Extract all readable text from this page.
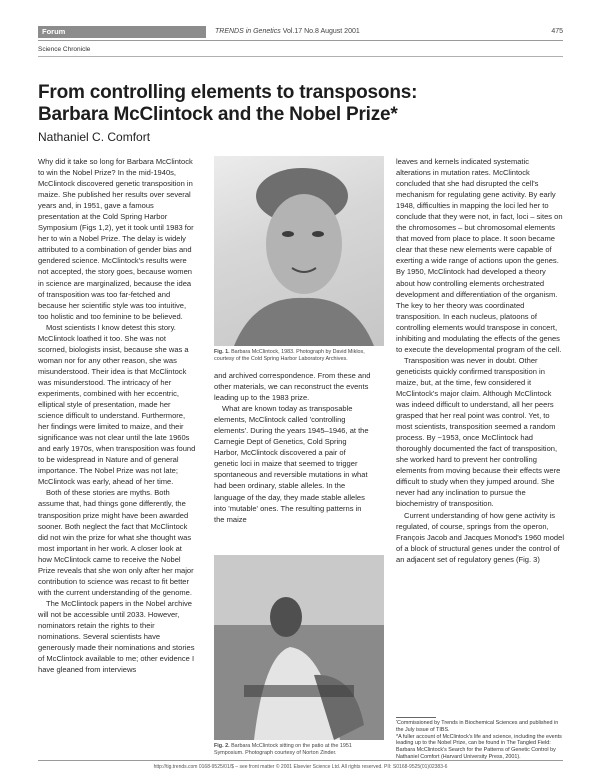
Forum	TRENDS in Genetics Vol.17 No.8 August 2001	475
Science Chronicle
From controlling elements to transposons:
Barbara McClintock and the Nobel Prize*
Nathaniel C. Comfort

Why did it take so long for Barbara McClintock to win the Nobel Prize? In the mid-1940s, McClintock discovered genetic transposition in maize. She published her results over several years and, in 1951, gave a famous presentation at the Cold Spring Harbor Symposium (Figs 1,2), yet it took until 1983 for her to win a Nobel Prize. The delay is widely attributed to a combination of gender bias and gendered science. McClintock's results were not accepted, the story goes, because women in science are marginalized, because the idea of transposition was too far-fetched and because her scientific style was too intuitive, too holistic and too feminine to be believed.

Most scientists I know detest this story. McClintock loathed it too. She was not scorned, biologists insist, because she was a woman nor for any other reason, she was misunderstood. Their idea is that McClintock was misunderstood. The intricacy of her experiments, combined with her eccentric, elliptical style of presentation, made her science difficult to understand. Furthermore, her findings were limited to maize, and their significance was not clear until the late 1960s and early 1970s, when transposition was found to be widespread in Nature and of general importance. The Nobel Prize was not late; McClintock was early, ahead of her time.

Both of these stories are myths. Both assume that, had things gone differently, the transposition prize might have been awarded sooner. Both neglect the fact that McClintock did not win the prize for what she thought was most important in her work. A closer look at how McClintock came to receive the Nobel Prize reveals that she won only after her major contribution to science was recast to fit better with the current understanding of the genome.

The McClintock papers in the Nobel archive will not be accessible until 2033. However, nominators retain the rights to their nominations. Several scientists have generously made their nominations and stories of McClintock available to me; other evidence I have gleaned from interviews

Fig. 1. Barbara McClintock, 1983. Photograph by David Miklos, courtesy of the Cold Spring Harbor Laboratory Archives.

and archived correspondence. From these and other materials, we can reconstruct the events leading up to the 1983 prize.

What are known today as transposable elements, McClintock called 'controlling elements'. During the years 1945–1946, at the Carnegie Dept of Genetics, Cold Spring Harbor, McClintock discovered a pair of genetic loci in maize that seemed to trigger spontaneous and reversible mutations in what had been ordinary, stable alleles. In the language of the day, they made stable alleles into 'mutable' ones. The resulting patterns in the maize

Fig. 2. Barbara McClintock sitting on the patio at the 1951 Symposium. Photograph courtesy of Norton Zinder.

leaves and kernels indicated systematic alterations in mutation rates. McClintock concluded that she had disrupted the cell's mechanism for regulating gene activity. By early 1948, difficulties in mapping the loci led her to conclude that they were not, in fact, loci – sites on the chromosomes – but chromosomal elements that moved from place to place. It soon became clear that these new elements were capable of exerting a wide range of actions upon the genes. By 1950, McClintock had developed a theory about how controlling elements orchestrated development and differentiation of the organism. The key to her theory was coordinated transposition. In each nucleus, platoons of controlling elements would transpose in concert, inhibiting and modulating the effects of the genes to execute the developmental program of the cell.

Transposition was never in doubt. Other geneticists quickly confirmed transposition in maize, but, at the time, few considered it McClintock's major claim. Although McClintock was indeed difficult to understand, all her peers grasped that her real point was control. Yet, to most scientists, transposition seemed a random process. By ~1953, once McClintock had thoroughly documented the fact of transposition, she worked hard to prevent her controlling elements from moving because their effects were difficult to study when they jumped around. She never had any inclination to pursue the biochemistry of transposition.

Current understanding of how gene activity is regulated, of course, springs from the operon, François Jacob and Jacques Monod's 1960 model of a block of structural genes under the control of an adjacent set of regulatory genes (Fig. 3)

'Commissioned by Trends in Biochemical Sciences and published in the July issue of TIBS.
*A fuller account of McClintock's life and science, including the events leading up to the Nobel Prize, can be found in The Tangled Field: Barbara McClintock's Search for the Patterns of Genetic Control by Nathaniel Comfort (Harvard University Press, 2001).
http://tig.trends.com 0168-9525/01/$ – see front matter © 2001 Elsevier Science Ltd. All rights reserved. PII: S0168-9525(01)02383-6
